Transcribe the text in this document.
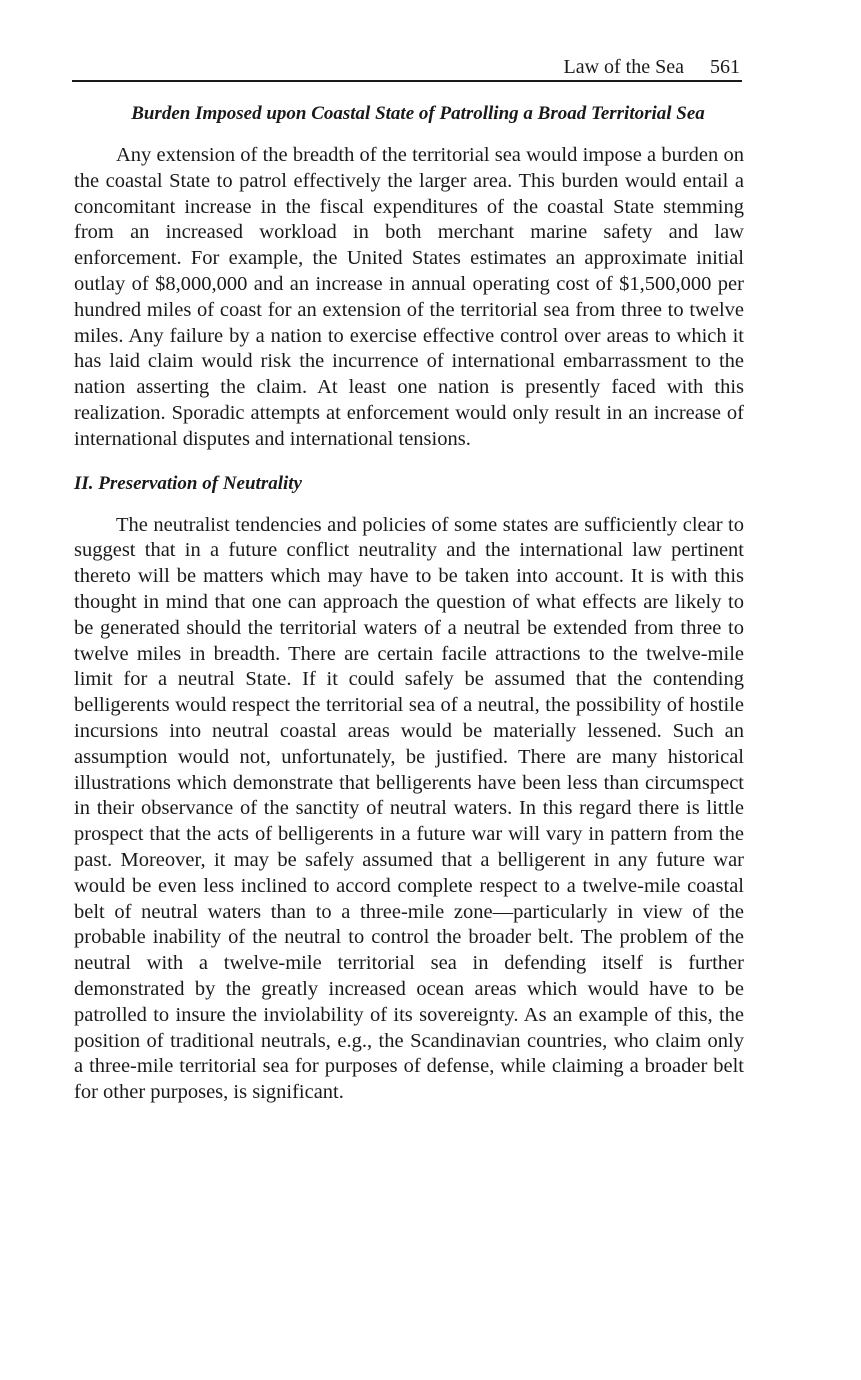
Law of the Sea 561
Burden Imposed upon Coastal State of Patrolling a Broad Territorial Sea

Any extension of the breadth of the territorial sea would impose a burden on the coastal State to patrol effectively the larger area. This burden would entail a concomitant increase in the fiscal expenditures of the coastal State stemming from an increased workload in both merchant marine safety and law enforcement. For example, the United States estimates an approximate initial outlay of $8,000,000 and an increase in annual operating cost of $1,500,000 per hundred miles of coast for an extension of the territorial sea from three to twelve miles. Any failure by a nation to exercise effective control over areas to which it has laid claim would risk the incurrence of international embarrassment to the nation asserting the claim. At least one nation is presently faced with this realization. Sporadic attempts at enforcement would only result in an increase of international disputes and international tensions.

II. Preservation of Neutrality

The neutralist tendencies and policies of some states are sufficiently clear to suggest that in a future conflict neutrality and the international law pertinent thereto will be matters which may have to be taken into account. It is with this thought in mind that one can approach the question of what effects are likely to be generated should the territorial waters of a neutral be extended from three to twelve miles in breadth. There are certain facile attractions to the twelve-mile limit for a neutral State. If it could safely be assumed that the contending belligerents would respect the territorial sea of a neutral, the possibility of hostile incursions into neutral coastal areas would be materially lessened. Such an assumption would not, unfortunately, be justified. There are many historical illustrations which demonstrate that belligerents have been less than circumspect in their observance of the sanctity of neutral waters. In this regard there is little prospect that the acts of belligerents in a future war will vary in pattern from the past. Moreover, it may be safely assumed that a belligerent in any future war would be even less inclined to accord complete respect to a twelve-mile coastal belt of neutral waters than to a three-mile zone—particularly in view of the probable inability of the neutral to control the broader belt. The problem of the neutral with a twelve-mile territorial sea in defending itself is further demonstrated by the greatly increased ocean areas which would have to be patrolled to insure the inviolability of its sovereignty. As an example of this, the position of traditional neutrals, e.g., the Scandinavian countries, who claim only a three-mile territorial sea for purposes of defense, while claiming a broader belt for other purposes, is significant.
